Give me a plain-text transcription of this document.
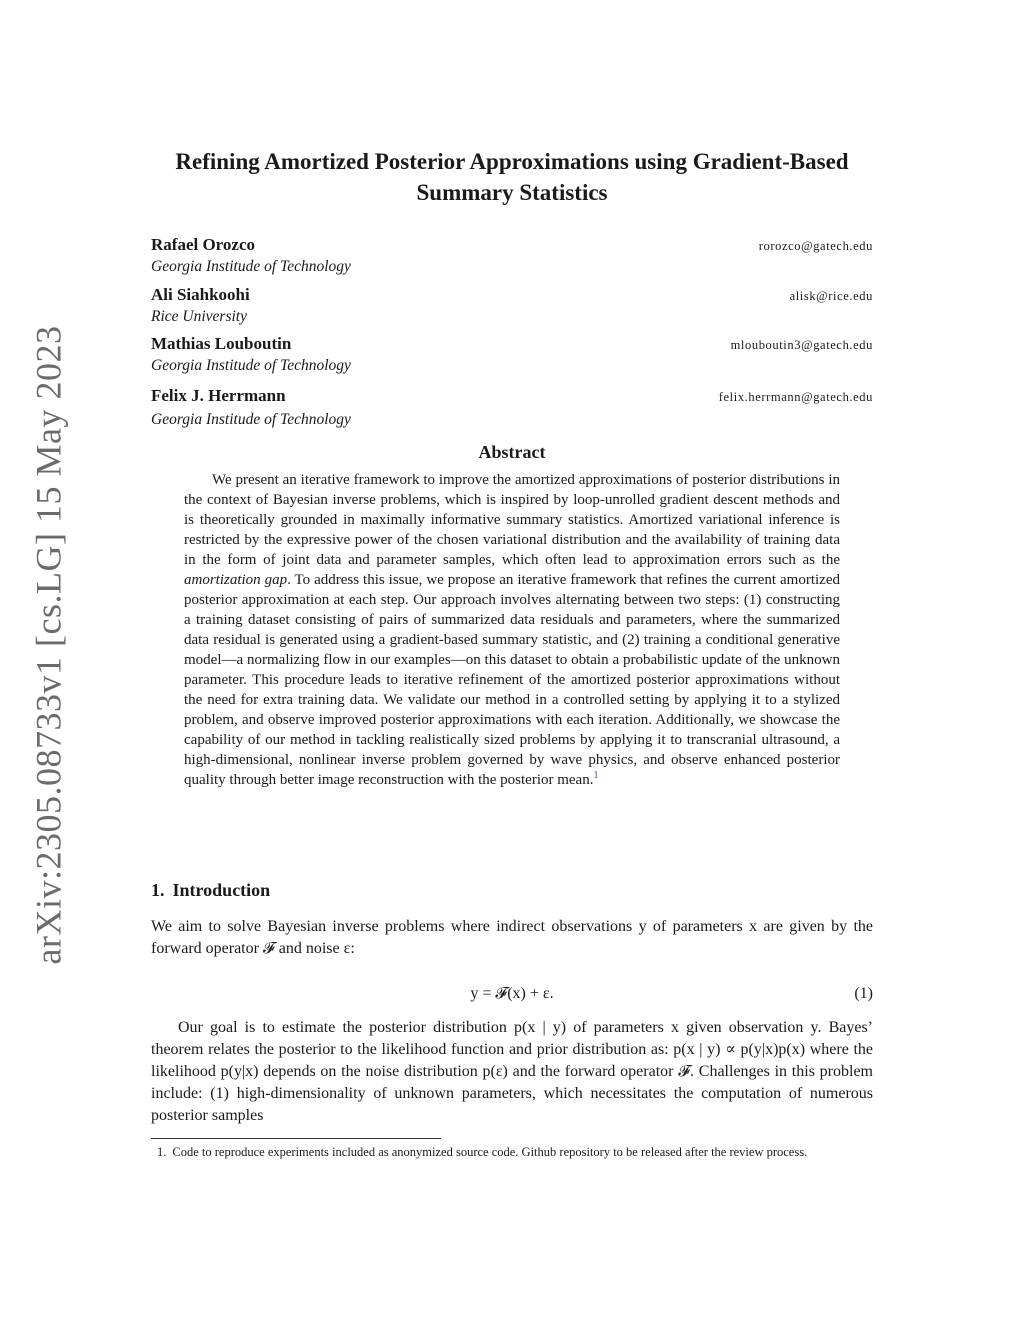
arXiv:2305.08733v1 [cs.LG] 15 May 2023
Refining Amortized Posterior Approximations using Gradient-Based Summary Statistics
Rafael Orozco	rorozco@gatech.edu
Georgia Institude of Technology
Ali Siahkoohi	alisk@rice.edu
Rice University
Mathias Louboutin	mlouboutin3@gatech.edu
Georgia Institude of Technology
Felix J. Herrmann	felix.herrmann@gatech.edu
Georgia Institude of Technology
Abstract

We present an iterative framework to improve the amortized approximations of posterior distributions in the context of Bayesian inverse problems, which is inspired by loop-unrolled gradient descent methods and is theoretically grounded in maximally informative summary statistics. Amortized variational inference is restricted by the expressive power of the chosen variational distribution and the availability of training data in the form of joint data and parameter samples, which often lead to approximation errors such as the amortization gap. To address this issue, we propose an iterative framework that refines the current amortized posterior approximation at each step. Our approach involves alternating between two steps: (1) constructing a training dataset consisting of pairs of summarized data residuals and parameters, where the summarized data residual is generated using a gradient-based summary statistic, and (2) training a conditional generative model—a normalizing flow in our examples—on this dataset to obtain a probabilistic update of the unknown parameter. This procedure leads to iterative refinement of the amortized posterior approximations without the need for extra training data. We validate our method in a controlled setting by applying it to a stylized problem, and observe improved posterior approximations with each iteration. Additionally, we showcase the capability of our method in tackling realistically sized problems by applying it to transcranial ultrasound, a high-dimensional, nonlinear inverse problem governed by wave physics, and observe enhanced posterior quality through better image reconstruction with the posterior mean.$^1$

1. Introduction

We aim to solve Bayesian inverse problems where indirect observations y of parameters x are given by the forward operator 𝓕 and noise ε:

y = 𝓕(x) + ε.	(1)

Our goal is to estimate the posterior distribution p(x | y) of parameters x given observation y. Bayes’ theorem relates the posterior to the likelihood function and prior distribution as: p(x | y) ∝ p(y|x)p(x) where the likelihood p(y|x) depends on the noise distribution p(ε) and the forward operator 𝓕. Challenges in this problem include: (1) high-dimensionality of unknown parameters, which necessitates the computation of numerous posterior samples

1. Code to reproduce experiments included as anonymized source code. Github repository to be released after the review process.
